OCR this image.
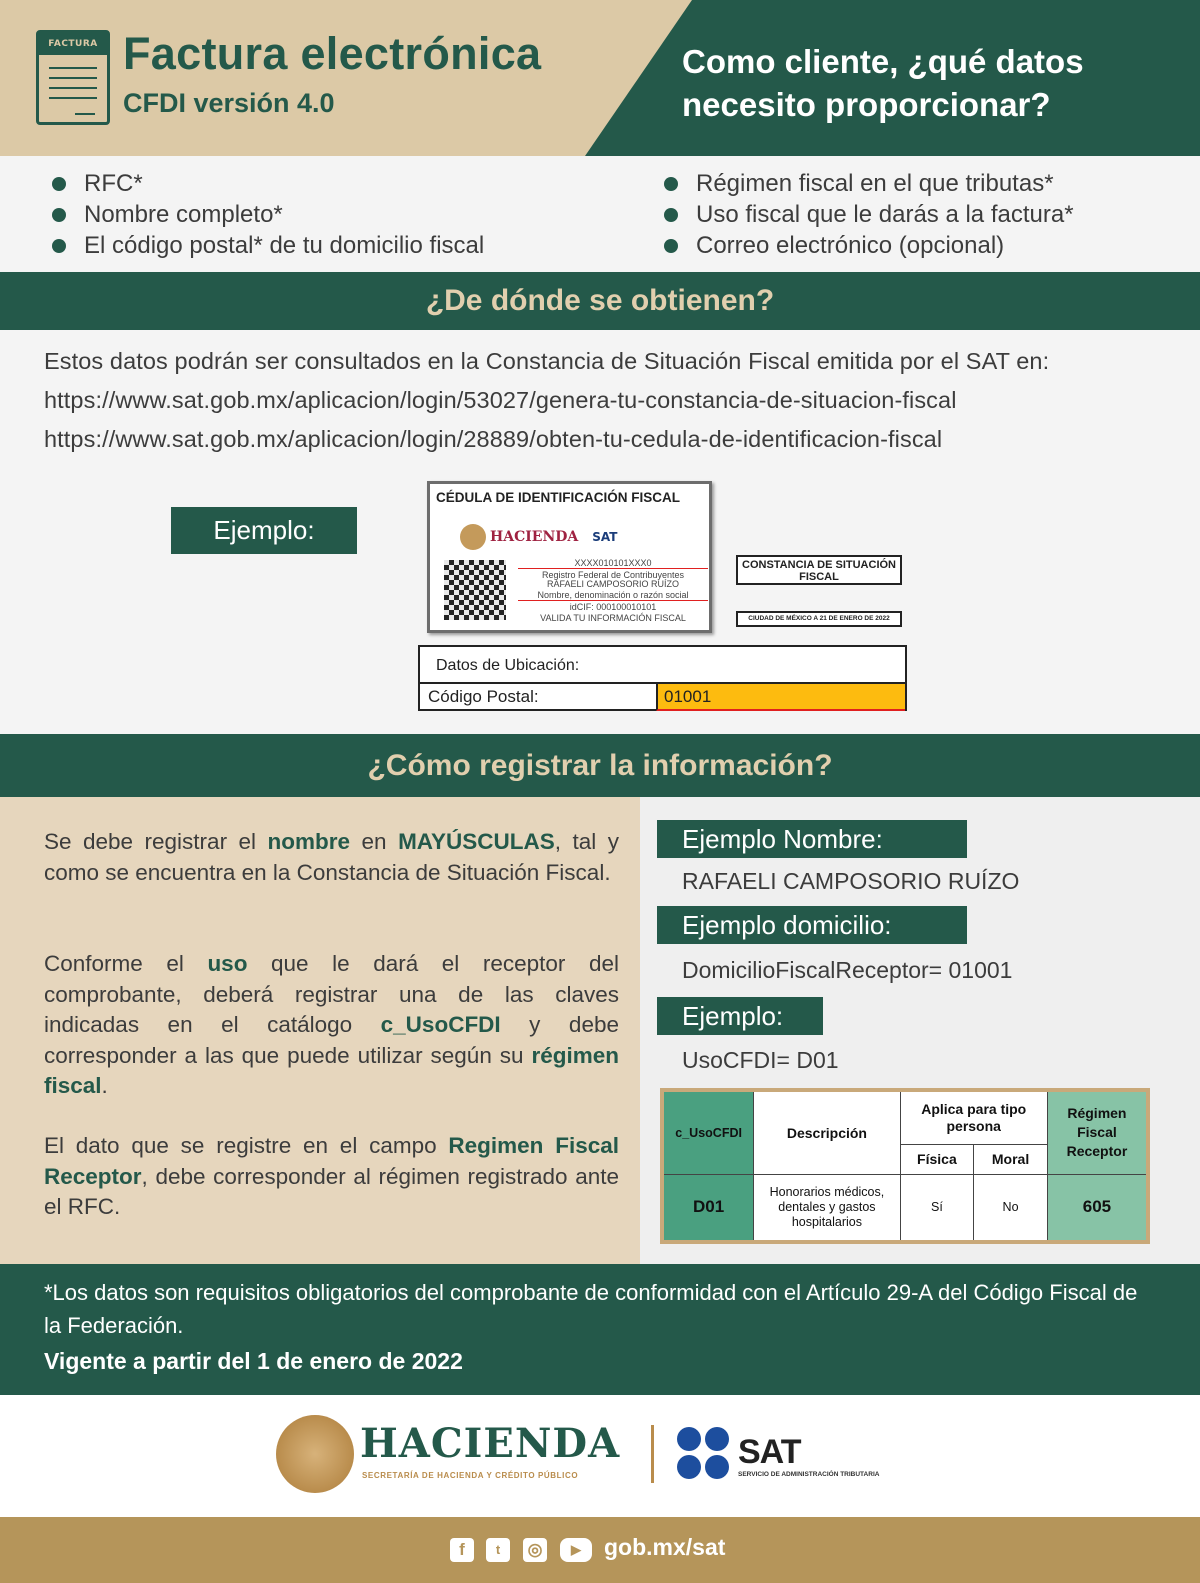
FACTURA Factura electrónica
CFDI versión 4.0
Como cliente, ¿qué datos
necesito proporcionar?
RFC*
Nombre completo*
El código postal* de tu domicilio fiscal
Régimen fiscal en el que tributas*
Uso fiscal que le darás a la factura*
Correo electrónico (opcional)
¿De dónde se obtienen?
Estos datos podrán ser consultados en la Constancia de Situación Fiscal emitida por el SAT en:
https://www.sat.gob.mx/aplicacion/login/53027/genera-tu-constancia-de-situacion-fiscal
https://www.sat.gob.mx/aplicacion/login/28889/obten-tu-cedula-de-identificacion-fiscal
Ejemplo:
CÉDULA DE IDENTIFICACIÓN FISCAL
HACIENDA SAT
XXXX010101XXX0
Registro Federal de Contribuyentes
RAFAELI CAMPOSORIO RUÍZO
Nombre, denominación o razón social
idCIF: 000100010101
VALIDA TU INFORMACIÓN FISCAL
CONSTANCIA DE SITUACIÓN FISCAL
CIUDAD DE MÉXICO A 21 DE ENERO DE 2022
Datos de Ubicación:
Código Postal:	01001
¿Cómo registrar la información?
Se debe registrar el nombre en MAYÚSCULAS, tal y como se encuentra en la Constancia de Situación Fiscal.
Conforme el uso que le dará el receptor del comprobante, deberá registrar una de las claves indicadas en el catálogo c_UsoCFDI y debe corresponder a las que puede utilizar según su régimen fiscal.
El dato que se registre en el campo Regimen Fiscal Receptor, debe corresponder al régimen registrado ante el RFC.
Ejemplo Nombre:
RAFAELI CAMPOSORIO RUÍZO
Ejemplo domicilio:
DomicilioFiscalReceptor= 01001
Ejemplo:
UsoCFDI= D01
c_UsoCFDI	Descripción	Aplica para tipo persona		Régimen Fiscal Receptor
		Física	Moral	
D01	Honorarios médicos, dentales y gastos hospitalarios	Sí	No	605
*Los datos son requisitos obligatorios del comprobante de conformidad con el Artículo 29-A del Código Fiscal de la Federación.
Vigente a partir del 1 de enero de 2022
HACIENDA
SECRETARÍA DE HACIENDA Y CRÉDITO PÚBLICO
SAT
SERVICIO DE ADMINISTRACIÓN TRIBUTARIA
f	t	◎	▶	gob.mx/sat
